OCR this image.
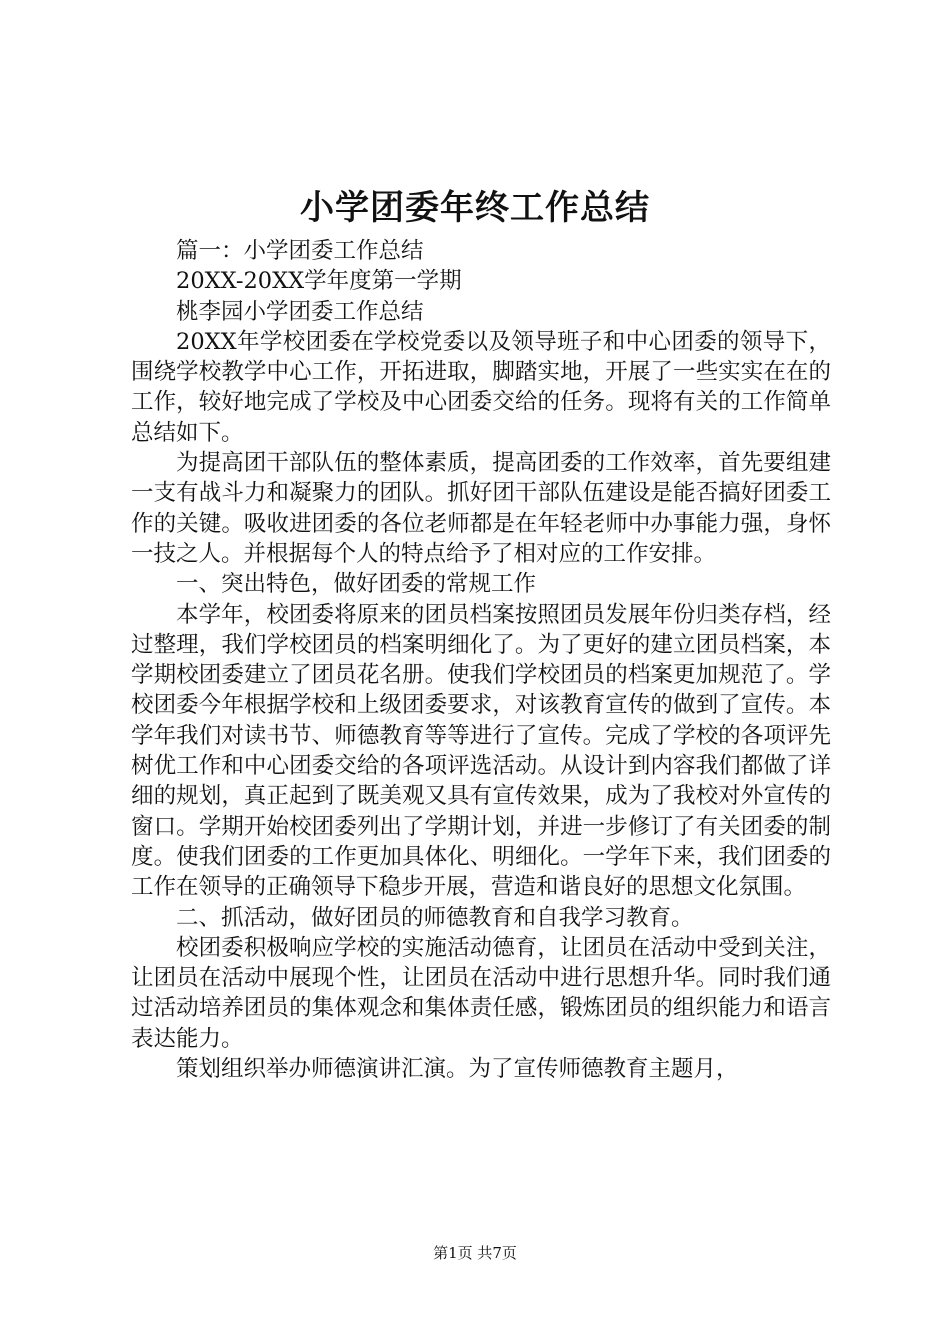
小学团委年终工作总结

篇一：小学团委工作总结

20XX-20XX学年度第一学期

桃李园小学团委工作总结

20XX年学校团委在学校党委以及领导班子和中心团委的领导下，围绕学校教学中心工作，开拓进取，脚踏实地，开展了一些实实在在的工作，较好地完成了学校及中心团委交给的任务。现将有关的工作简单总结如下。

为提高团干部队伍的整体素质，提高团委的工作效率，首先要组建一支有战斗力和凝聚力的团队。抓好团干部队伍建设是能否搞好团委工作的关键。吸收进团委的各位老师都是在年轻老师中办事能力强，身怀一技之人。并根据每个人的特点给予了相对应的工作安排。

一、突出特色，做好团委的常规工作

本学年，校团委将原来的团员档案按照团员发展年份归类存档，经过整理，我们学校团员的档案明细化了。为了更好的建立团员档案，本学期校团委建立了团员花名册。使我们学校团员的档案更加规范了。学校团委今年根据学校和上级团委要求，对该教育宣传的做到了宣传。本学年我们对读书节、师德教育等等进行了宣传。完成了学校的各项评先树优工作和中心团委交给的各项评选活动。从设计到内容我们都做了详细的规划，真正起到了既美观又具有宣传效果，成为了我校对外宣传的窗口。学期开始校团委列出了学期计划，并进一步修订了有关团委的制度。使我们团委的工作更加具体化、明细化。一学年下来，我们团委的工作在领导的正确领导下稳步开展，营造和谐良好的思想文化氛围。

二、抓活动，做好团员的师德教育和自我学习教育。

校团委积极响应学校的实施活动德育，让团员在活动中受到关注，让团员在活动中展现个性，让团员在活动中进行思想升华。同时我们通过活动培养团员的集体观念和集体责任感，锻炼团员的组织能力和语言表达能力。

策划组织举办师德演讲汇演。为了宣传师德教育主题月，

第1页 共7页
